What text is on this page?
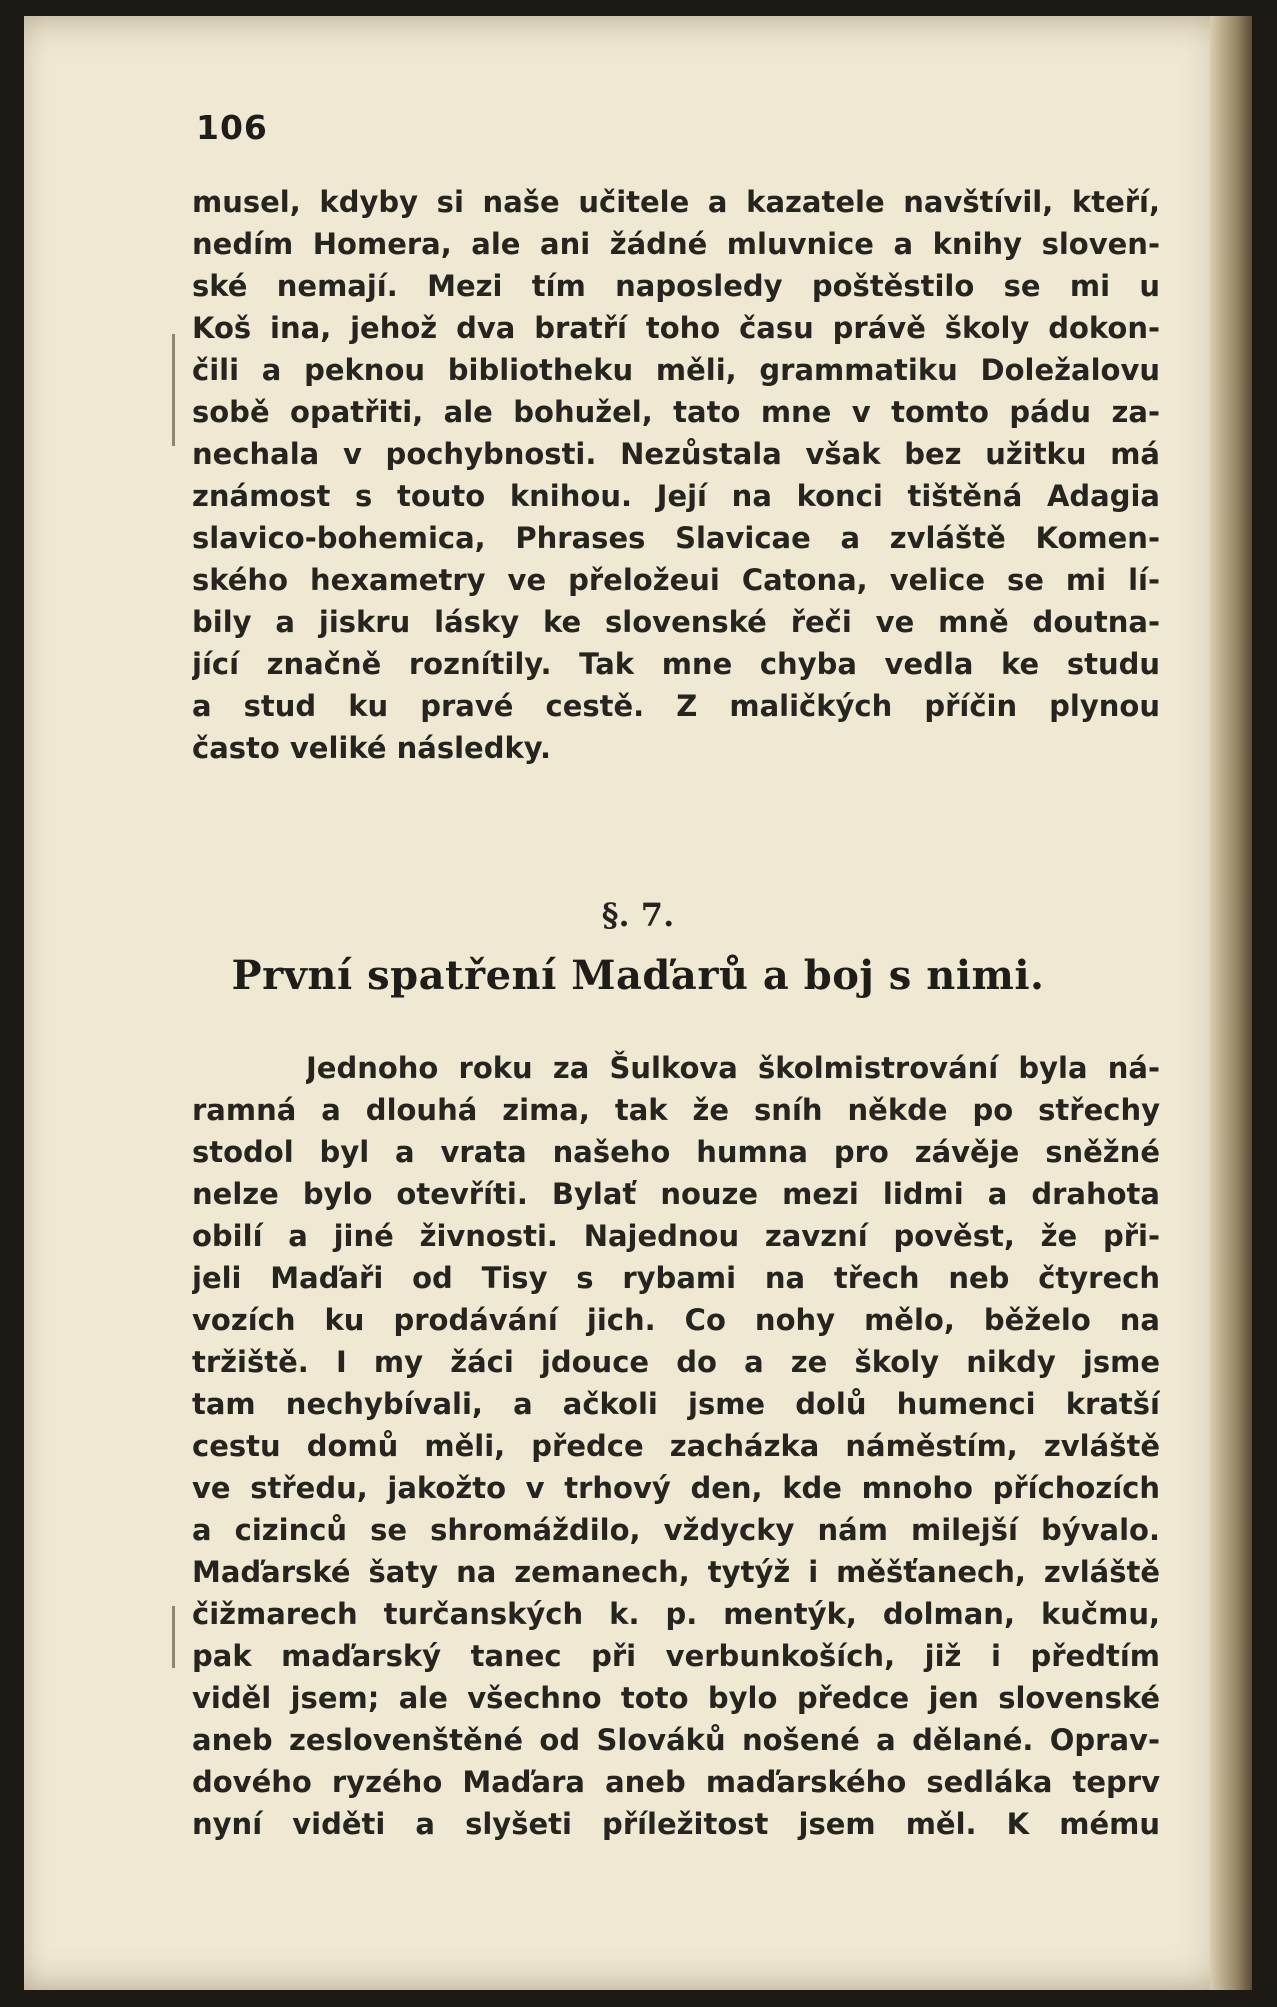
106
musel, kdyby si naše učitele a kazatele navštívil, kteří,
nedím Homera, ale ani žádné mluvnice a knihy sloven-
ské nemají. Mezi tím naposledy poštěstilo se mi u
Koš ina, jehož dva bratří toho času právě školy dokon-
čili a peknou bibliotheku měli, grammatiku Doležalovu
sobě opatřiti, ale bohužel, tato mne v tomto pádu za-
nechala v pochybnosti. Nezůstala však bez užitku má
známost s touto knihou. Její na konci tištěná Adagia
slavico-bohemica, Phrases Slavicae a zvláště Komen-
ského hexametry ve přeložeui Catona, velice se mi lí-
bily a jiskru lásky ke slovenské řeči ve mně doutna-
jící značně roznítily. Tak mne chyba vedla ke studu
a stud ku pravé cestě. Z maličkých příčin plynou
často veliké následky.
§. 7.
První spatření Maďarů a boj s nimi.
Jednoho roku za Šulkova školmistrování byla ná-
ramná a dlouhá zima, tak že sníh někde po střechy
stodol byl a vrata našeho humna pro závěje sněžné
nelze bylo otevříti. Bylať nouze mezi lidmi a drahota
obilí a jiné živnosti. Najednou zavzní pověst, že při-
jeli Maďaři od Tisy s rybami na třech neb čtyrech
vozích ku prodávání jich. Co nohy mělo, běželo na
tržiště. I my žáci jdouce do a ze školy nikdy jsme
tam nechybívali, a ačkoli jsme dolů humenci kratší
cestu domů měli, předce zacházka náměstím, zvláště
ve středu, jakožto v trhový den, kde mnoho příchozích
a cizinců se shromáždilo, vždycky nám milejší bývalo.
Maďarské šaty na zemanech, tytýž i měšťanech, zvláště
čižmarech turčanských k. p. mentýk, dolman, kučmu,
pak maďarský tanec při verbunkoších, již i předtím
viděl jsem; ale všechno toto bylo předce jen slovenské
aneb zeslovenštěné od Slováků nošené a dělané. Oprav-
dového ryzého Maďara aneb maďarského sedláka teprv
nyní viděti a slyšeti příležitost jsem měl. K mému
